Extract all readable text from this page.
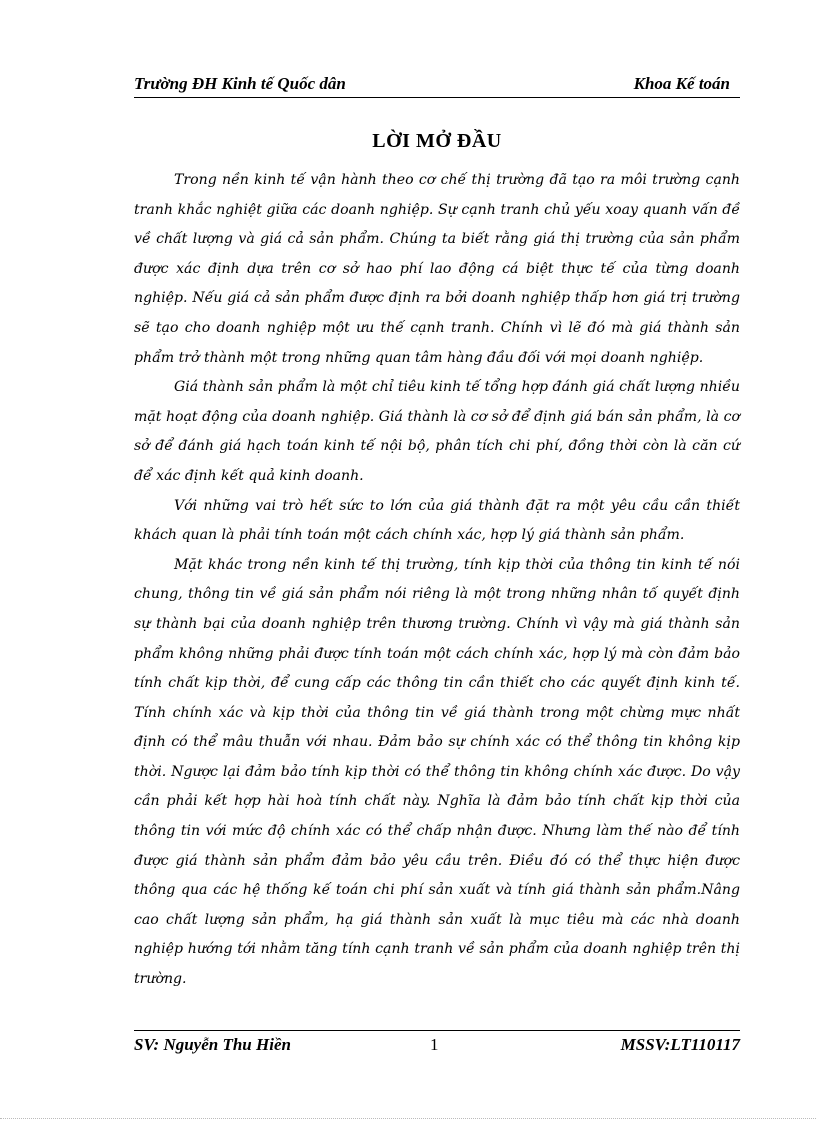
Trường ĐH Kinh tế Quốc dân	Khoa Kế toán
LỜI MỞ ĐẦU

Trong nền kinh tế vận hành theo cơ chế thị trường đã tạo ra môi trường cạnh tranh khắc nghiệt giữa các doanh nghiệp. Sự cạnh tranh chủ yếu xoay quanh vấn đề về chất lượng và giá cả sản phẩm. Chúng ta biết rằng giá thị trường của sản phẩm được xác định dựa trên cơ sở hao phí lao động cá biệt thực tế của từng doanh nghiệp. Nếu giá cả sản phẩm được định ra bởi doanh nghiệp thấp hơn giá trị trường sẽ tạo cho doanh nghiệp một ưu thế cạnh tranh. Chính vì lẽ đó mà giá thành sản phẩm trở thành một trong những quan tâm hàng đầu đối với mọi doanh nghiệp.

Giá thành sản phẩm là một chỉ tiêu kinh tế tổng hợp đánh giá chất lượng nhiều mặt hoạt động của doanh nghiệp. Giá thành là cơ sở để định giá bán sản phẩm, là cơ sở để đánh giá hạch toán kinh tế nội bộ, phân tích chi phí, đồng thời còn là căn cứ để xác định kết quả kinh doanh.

Với những vai trò hết sức to lớn của giá thành đặt ra một yêu cầu cần thiết khách quan là phải tính toán một cách chính xác, hợp lý giá thành sản phẩm.

Mặt khác trong nền kinh tế thị trường, tính kịp thời của thông tin kinh tế nói chung, thông tin về giá sản phẩm nói riêng là một trong những nhân tố quyết định sự thành bại của doanh nghiệp trên thương trường. Chính vì vậy mà giá thành sản phẩm không những phải được tính toán một cách chính xác, hợp lý mà còn đảm bảo tính chất kịp thời, để cung cấp các thông tin cần thiết cho các quyết định kinh tế. Tính chính xác và kịp thời của thông tin về giá thành trong một chừng mực nhất định có thể mâu thuẫn với nhau. Đảm bảo sự chính xác có thể thông tin không kịp thời. Ngược lại đảm bảo tính kịp thời có thể thông tin không chính xác được. Do vậy cần phải kết hợp hài hoà tính chất này. Nghĩa là đảm bảo tính chất kịp thời của thông tin với mức độ chính xác có thể chấp nhận được. Nhưng làm thế nào để tính được giá thành sản phẩm đảm bảo yêu cầu trên. Điều đó có thể thực hiện được thông qua các hệ thống kế toán chi phí sản xuất và tính giá thành sản phẩm.Nâng cao chất lượng sản phẩm, hạ giá thành sản xuất là mục tiêu mà các nhà doanh nghiệp hướng tới nhằm tăng tính cạnh tranh về sản phẩm của doanh nghiệp trên thị trường.

SV: Nguyễn Thu Hiền	1	MSSV:LT110117
